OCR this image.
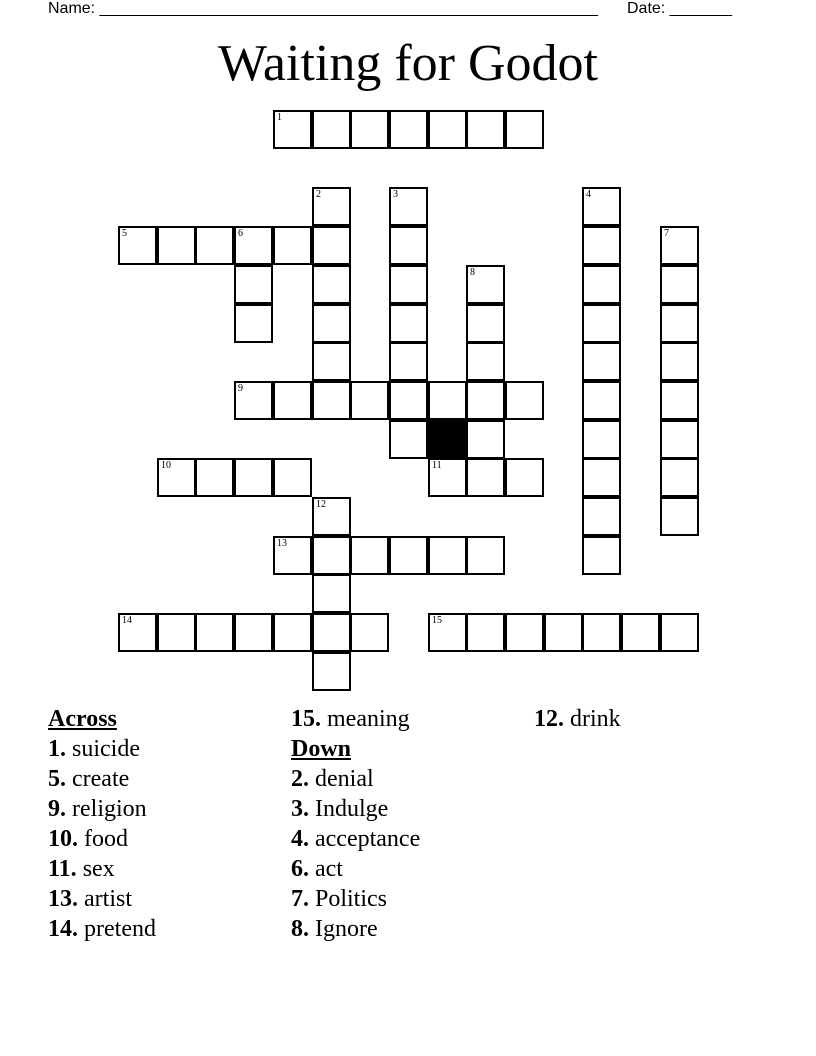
Name: ________________________________________________________ Date: _______
Waiting for Godot
1
2	3	4
5	6	7
8
9
10	11
12
13
14	15
Across
1. suicide
5. create
9. religion
10. food
11. sex
13. artist
14. pretend
15. meaning
Down
2. denial
3. Indulge
4. acceptance
6. act
7. Politics
8. Ignore
12. drink
